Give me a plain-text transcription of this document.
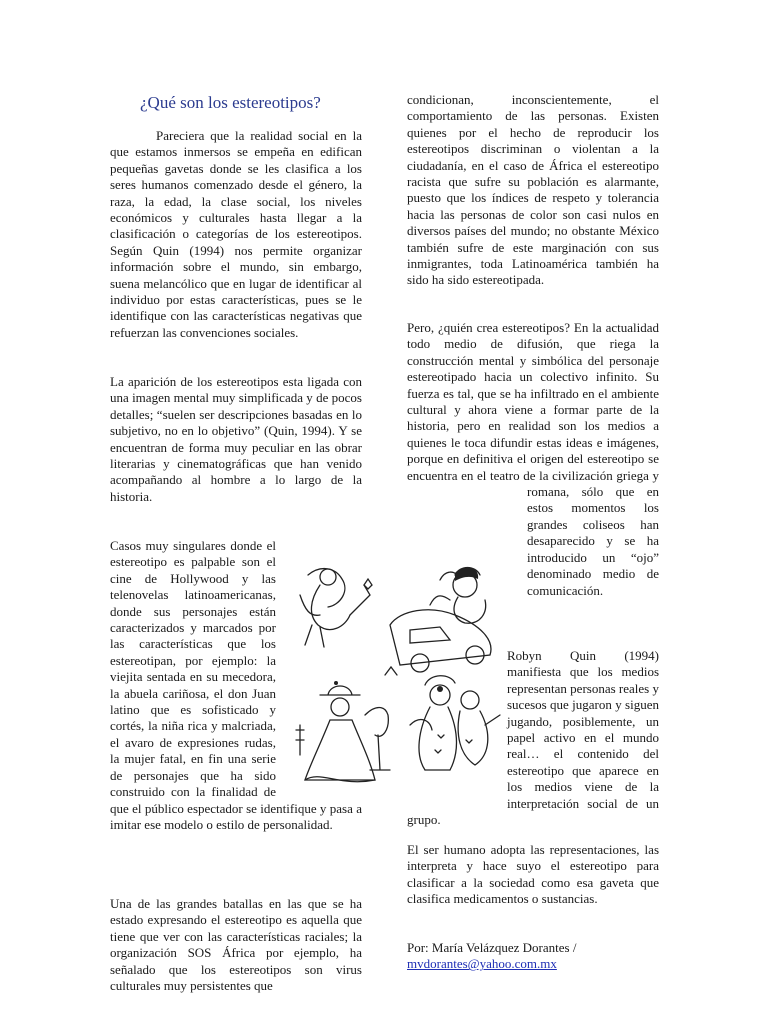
¿Qué son los estereotipos?

Pareciera que la realidad social en la que estamos inmersos se empeña en edifican pequeñas gavetas donde se les clasifica a los seres humanos comenzado desde el género, la raza, la edad, la clase social, los niveles económicos y culturales hasta llegar a la clasificación o categorías de los estereotipos. Según Quin (1994) nos permite organizar información sobre el mundo, sin embargo, suena melancólico que en lugar de identificar al individuo por estas características, pues se le identifique con las características negativas que refuerzan las convenciones sociales.

La aparición de los estereotipos esta ligada con una imagen mental muy simplificada y de pocos detalles; “suelen ser descripciones basadas en lo subjetivo, no en lo objetivo” (Quin, 1994). Y se encuentran de forma muy peculiar en las obrar literarias y cinematográficas que han venido acompañando al hombre a lo largo de la historia.

Casos muy singulares donde el estereotipo es palpable son el cine de Hollywood y las telenovelas latinoamericanas, donde sus personajes están caracterizados y marcados por las características que los estereotipan, por ejemplo: la viejita sentada en su mecedora, la abuela cariñosa, el don Juan latino que es sofisticado y cortés, la niña rica y malcriada, el avaro de expresiones rudas, la mujer fatal, en fin una serie de personajes que ha sido construido con la finalidad de que el público espectador se identifique y pasa a imitar ese modelo o estilo de personalidad.

Una de las grandes batallas en las que se ha estado expresando el estereotipo es aquella que tiene que ver con las características raciales; la organización SOS África por ejemplo, ha señalado que los estereotipos son virus culturales muy persistentes que

condicionan, inconscientemente, el comportamiento de las personas. Existen quienes por el hecho de reproducir los estereotipos discriminan o violentan a la ciudadanía, en el caso de África el estereotipo racista que sufre su población es alarmante, puesto que los índices de respeto y tolerancia hacia las personas de color son casi nulos en diversos países del mundo; no obstante México también sufre de este marginación con sus inmigrantes, toda Latinoamérica también ha sido ha sido estereotipada.

Pero, ¿quién crea estereotipos? En la actualidad todo medio de difusión, que riega la construcción mental y simbólica del personaje estereotipado hacia un colectivo infinito. Su fuerza es tal, que se ha infiltrado en el ambiente cultural y ahora viene a formar parte de la historia, pero en realidad son los medios a quienes le toca difundir estas ideas e imágenes, porque en definitiva el origen del estereotipo se encuentra en el teatro de la civilización griega y romana, sólo que en estos momentos los grandes coliseos han desaparecido y se ha introducido un “ojo” denominado medio de comunicación.

Robyn Quin (1994) manifiesta que los medios representan personas reales y sucesos que jugaron y siguen jugando, posiblemente, un papel activo en el mundo real… el contenido del estereotipo que aparece en los medios viene de la interpretación social de un grupo.

El ser humano adopta las representaciones, las interpreta y hace suyo el estereotipo para clasificar a la sociedad como esa gaveta que clasifica medicamentos o sustancias.

Por: María Velázquez Dorantes /

mvdorantes@yahoo.com.mx
